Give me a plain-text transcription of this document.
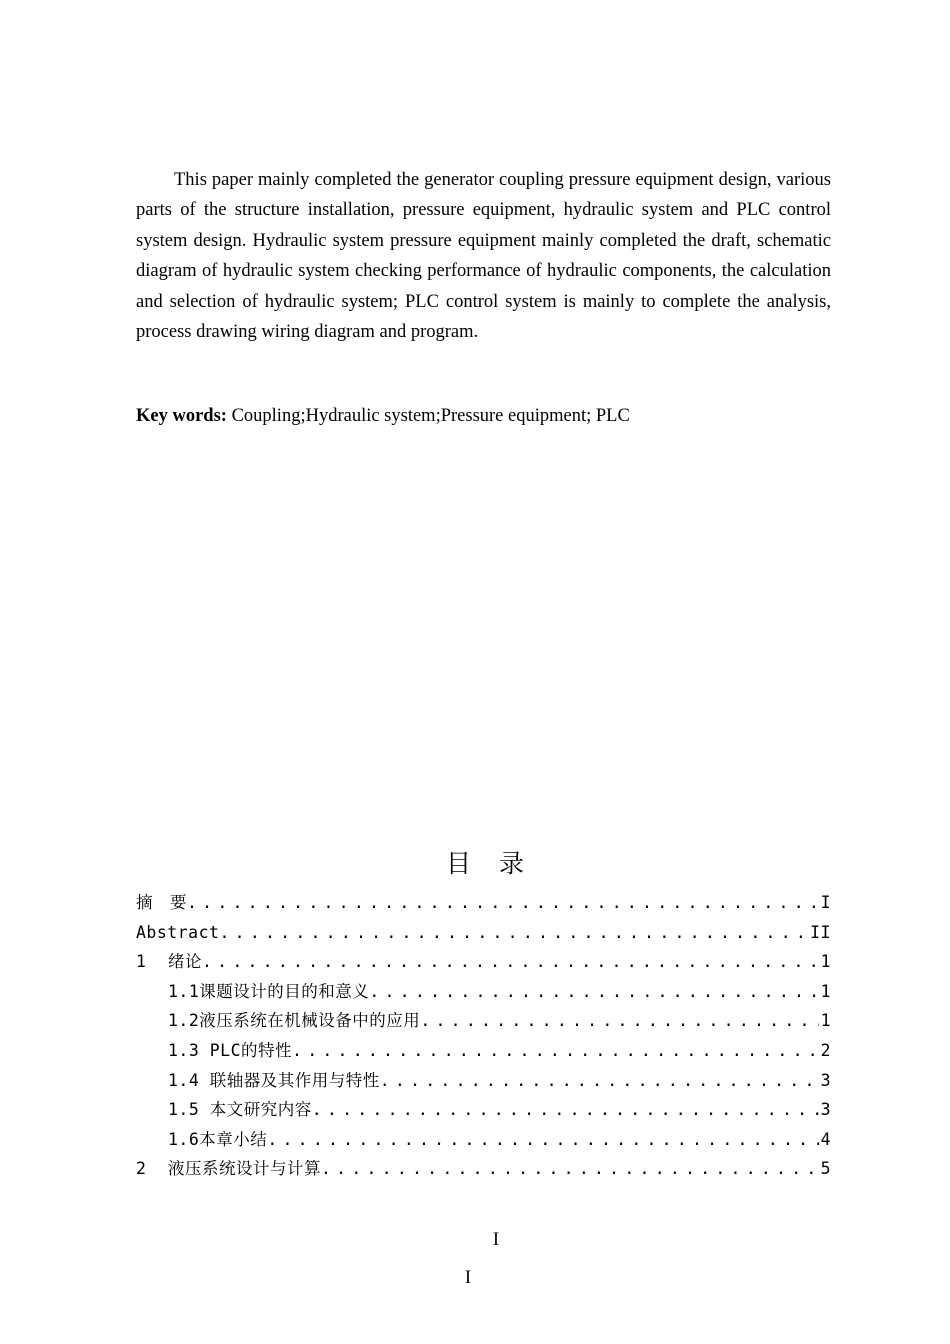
This paper mainly completed the generator coupling pressure equipment design, various parts of the structure installation, pressure equipment, hydraulic system and PLC control system design. Hydraulic system pressure equipment mainly completed the draft, schematic diagram of hydraulic system checking performance of hydraulic components, the calculation and selection of hydraulic system; PLC control system is mainly to complete the analysis, process drawing wiring diagram and program.

Key words: Coupling;Hydraulic system;Pressure equipment; PLC

目 录
摘　要 . . .	I
Abstract . . .	II
1	绪论 . . .	1
1.1课题设计的目的和意义 . . .	1
1.2液压系统在机械设备中的应用 . . .	1
1.3 PLC的特性 . . .	2
1.4 联轴器及其作用与特性 . . .	3
1.5 本文研究内容 . . .	3
1.6本章小结 . . .	4
2	液压系统设计与计算 . . .	5
I
I
